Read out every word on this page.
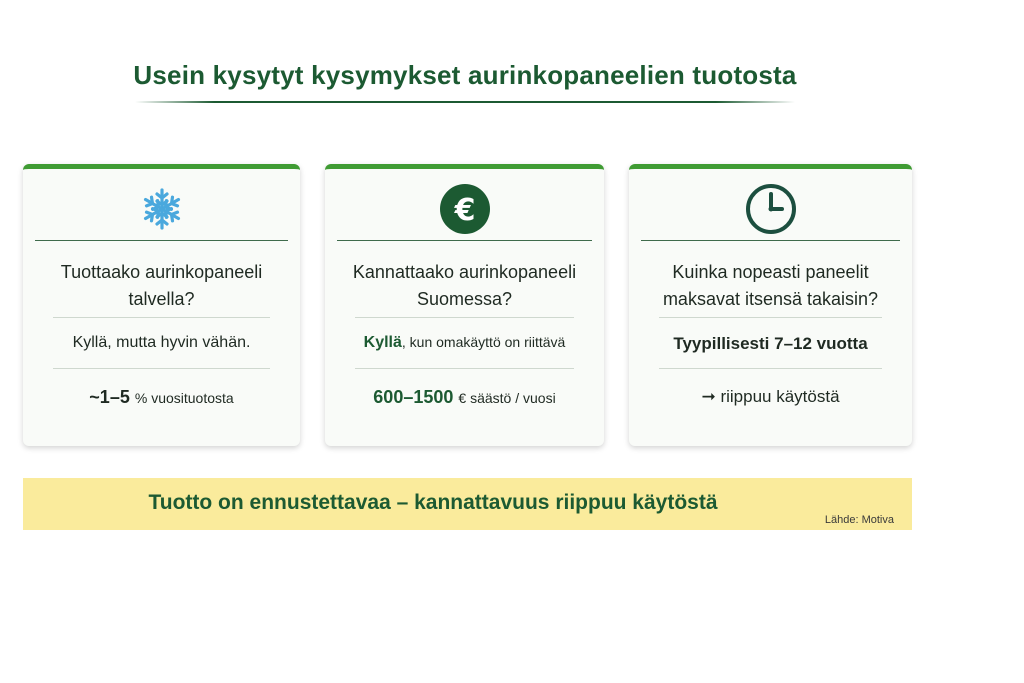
Usein kysytyt kysymykset aurinkopaneelien tuotosta
Tuottaako aurinkopaneeli
talvella?
Kyllä, mutta hyvin vähän.
~1–5 % vuosituotosta
€
Kannattaako aurinkopaneeli
Suomessa?
Kyllä, kun omakäyttö on riittävä
600–1500 € säästö / vuosi
Kuinka nopeasti paneelit
maksavat itsensä takaisin?
Tyypillisesti 7–12 vuotta
➞ riippuu käytöstä
Tuotto on ennustettavaa – kannattavuus riippuu käytöstä
Lähde: Motiva
